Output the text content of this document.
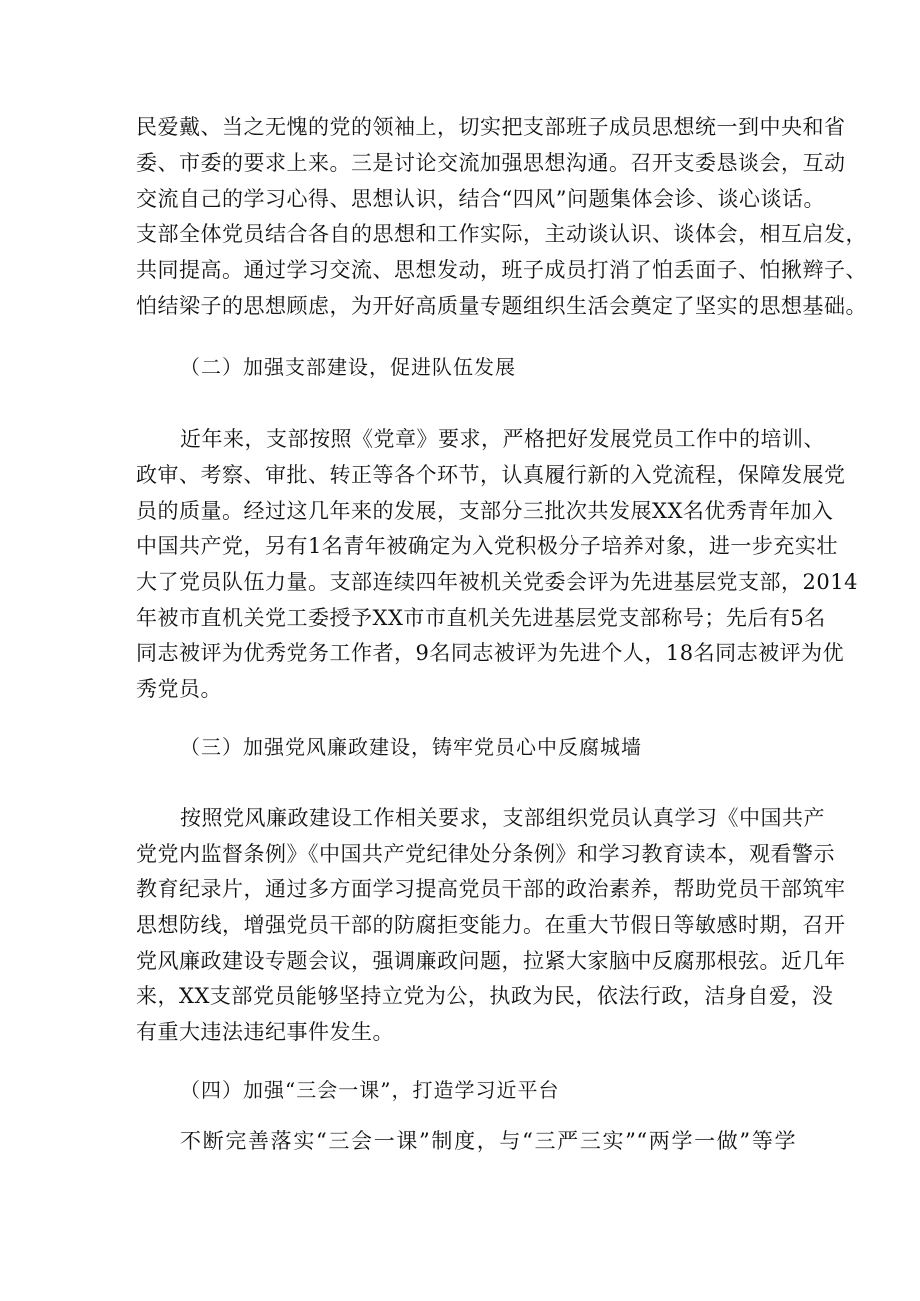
民爱戴、当之无愧的党的领袖上，切实把支部班子成员思想统一到中央和省
委、市委的要求上来。三是讨论交流加强思想沟通。召开支委恳谈会，互动
交流自己的学习心得、思想认识，结合“四风”问题集体会诊、谈心谈话。
支部全体党员结合各自的思想和工作实际，主动谈认识、谈体会，相互启发，
共同提高。通过学习交流、思想发动，班子成员打消了怕丢面子、怕揪辫子、
怕结梁子的思想顾虑，为开好高质量专题组织生活会奠定了坚实的思想基础。
（二）加强支部建设，促进队伍发展
近年来，支部按照《党章》要求，严格把好发展党员工作中的培训、
政审、考察、审批、转正等各个环节，认真履行新的入党流程，保障发展党
员的质量。经过这几年来的发展，支部分三批次共发展XX名优秀青年加入
中国共产党，另有1名青年被确定为入党积极分子培养对象，进一步充实壮
大了党员队伍力量。支部连续四年被机关党委会评为先进基层党支部，2014
年被市直机关党工委授予XX市市直机关先进基层党支部称号；先后有5名
同志被评为优秀党务工作者，9名同志被评为先进个人，18名同志被评为优
秀党员。
（三）加强党风廉政建设，铸牢党员心中反腐城墙
按照党风廉政建设工作相关要求，支部组织党员认真学习《中国共产
党党内监督条例》《中国共产党纪律处分条例》和学习教育读本，观看警示
教育纪录片，通过多方面学习提高党员干部的政治素养，帮助党员干部筑牢
思想防线，增强党员干部的防腐拒变能力。在重大节假日等敏感时期，召开
党风廉政建设专题会议，强调廉政问题，拉紧大家脑中反腐那根弦。近几年
来，XX支部党员能够坚持立党为公，执政为民，依法行政，洁身自爱，没
有重大违法违纪事件发生。
（四）加强“三会一课”，打造学习近平台
不断完善落实“三会一课”制度，与“三严三实”“两学一做”等学
